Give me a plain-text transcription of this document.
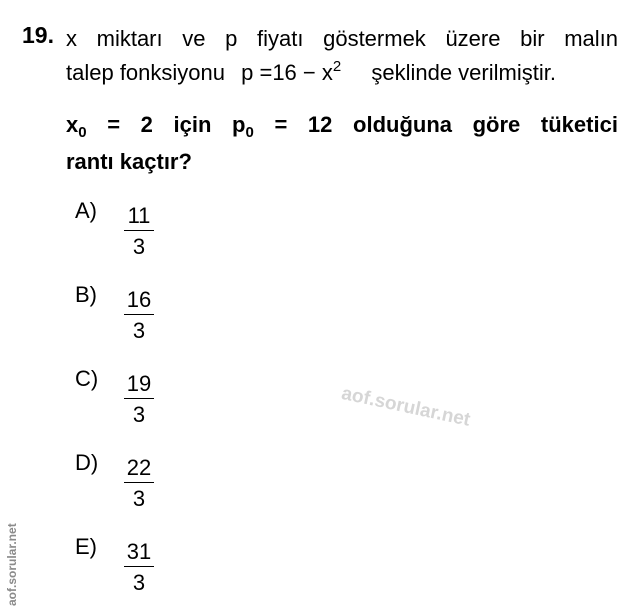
19. x miktarı ve p fiyatı göstermek üzere bir malın
talep fonksiyonu $p =16 - x^2$ şeklinde verilmiştir.
$x_0 = 2$ için $p_0 = 12$ olduğuna göre tüketici
rantı kaçtır?
A) 11
3
B) 16
3
C) 19
3
D) 22
3
E) 31
3
aof.sorular.net
aof.sorular.net
